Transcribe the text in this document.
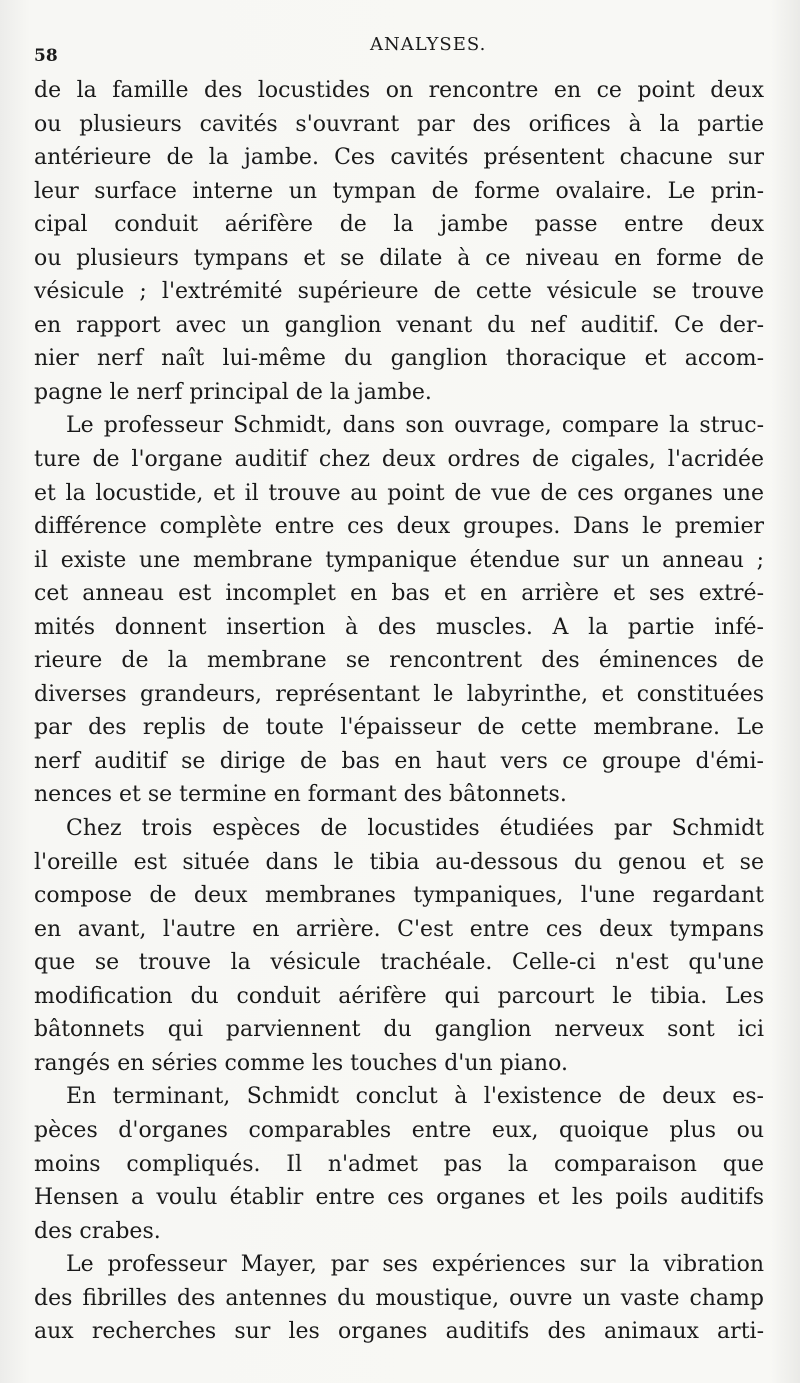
58
ANALYSES.
de la famille des locustides on rencontre en ce point deux
ou plusieurs cavités s'ouvrant par des orifices à la partie
antérieure de la jambe. Ces cavités présentent chacune sur
leur surface interne un tympan de forme ovalaire. Le prin-
cipal conduit aérifère de la jambe passe entre deux
ou plusieurs tympans et se dilate à ce niveau en forme de
vésicule ; l'extrémité supérieure de cette vésicule se trouve
en rapport avec un ganglion venant du nef auditif. Ce der-
nier nerf naît lui-même du ganglion thoracique et accom-
pagne le nerf principal de la jambe.
Le professeur Schmidt, dans son ouvrage, compare la struc-
ture de l'organe auditif chez deux ordres de cigales, l'acridée
et la locustide, et il trouve au point de vue de ces organes une
différence complète entre ces deux groupes. Dans le premier
il existe une membrane tympanique étendue sur un anneau ;
cet anneau est incomplet en bas et en arrière et ses extré-
mités donnent insertion à des muscles. A la partie infé-
rieure de la membrane se rencontrent des éminences de
diverses grandeurs, représentant le labyrinthe, et constituées
par des replis de toute l'épaisseur de cette membrane. Le
nerf auditif se dirige de bas en haut vers ce groupe d'émi-
nences et se termine en formant des bâtonnets.
Chez trois espèces de locustides étudiées par Schmidt
l'oreille est située dans le tibia au-dessous du genou et se
compose de deux membranes tympaniques, l'une regardant
en avant, l'autre en arrière. C'est entre ces deux tympans
que se trouve la vésicule trachéale. Celle-ci n'est qu'une
modification du conduit aérifère qui parcourt le tibia. Les
bâtonnets qui parviennent du ganglion nerveux sont ici
rangés en séries comme les touches d'un piano.
En terminant, Schmidt conclut à l'existence de deux es-
pèces d'organes comparables entre eux, quoique plus ou
moins compliqués. Il n'admet pas la comparaison que
Hensen a voulu établir entre ces organes et les poils auditifs
des crabes.
Le professeur Mayer, par ses expériences sur la vibration
des fibrilles des antennes du moustique, ouvre un vaste champ
aux recherches sur les organes auditifs des animaux arti-
